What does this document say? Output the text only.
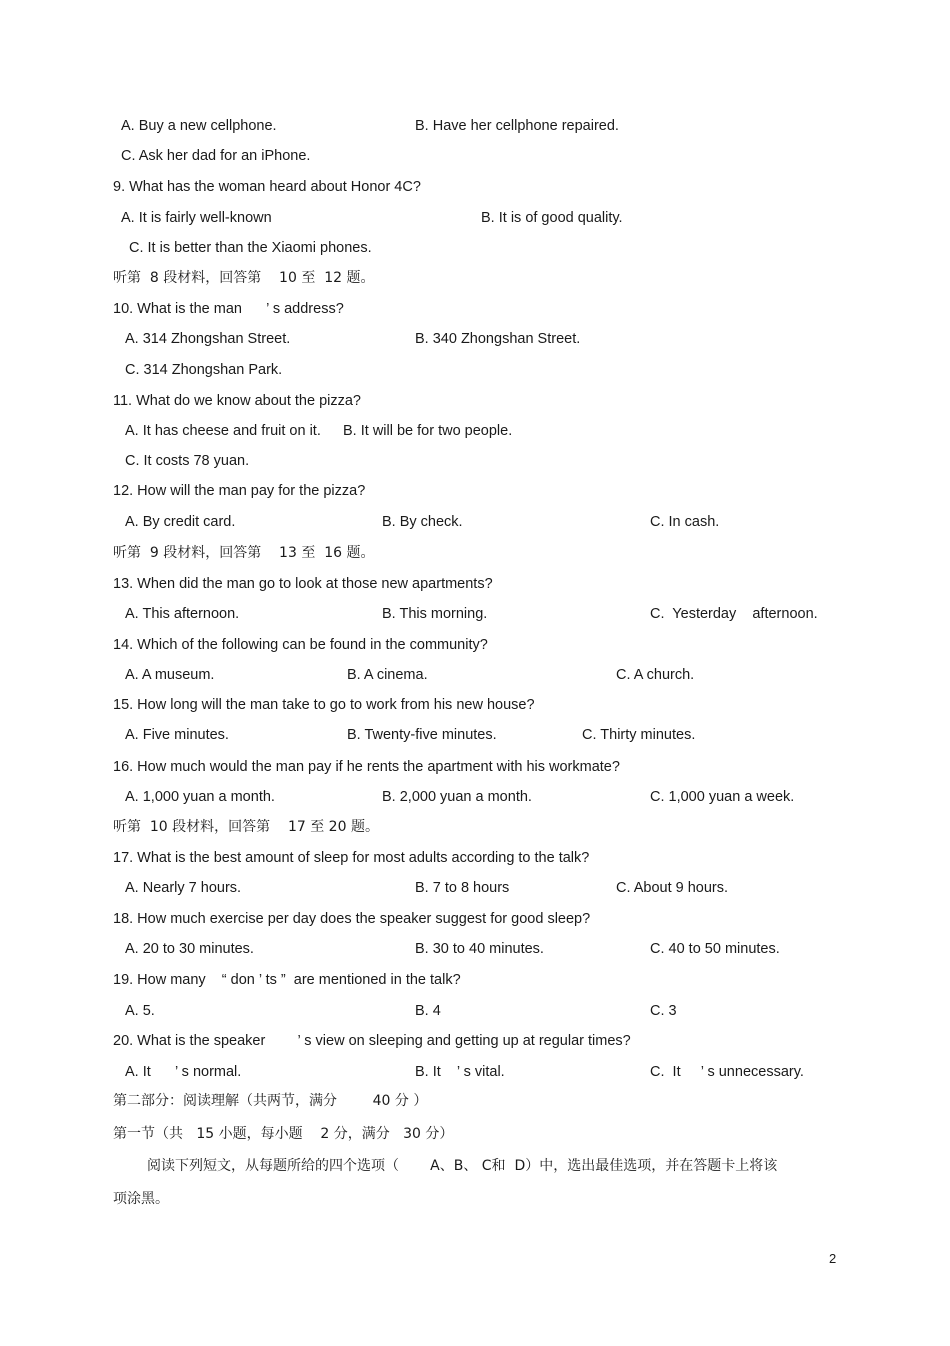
A. Buy a new cellphone.	B. Have her cellphone repaired.
C. Ask her dad for an iPhone.
9. What has the woman heard about Honor 4C?
A. It is fairly well-known	B. It is of good quality.
C. It is better than the Xiaomi phones.
听第  8 段材料，回答第    10 至  12 题。
10. What is the man      ’ s address?
A. 314 Zhongshan Street.	B. 340 Zhongshan Street.
C. 314 Zhongshan Park.
11. What do we know about the pizza?
A. It has cheese and fruit on it. B. It will be for two people.
C. It costs 78 yuan.
12. How will the man pay for the pizza?
A. By credit card.	B. By check.	C. In cash.
听第  9 段材料，回答第    13 至  16 题。
13. When did the man go to look at those new apartments?
A. This afternoon.	B. This morning.	C.  Yesterday    afternoon.
14. Which of the following can be found in the community?
A. A museum.	B. A cinema.	C. A church.
15. How long will the man take to go to work from his new house?
A. Five minutes.	B. Twenty-five minutes.	C. Thirty minutes.
16. How much would the man pay if he rents the apartment with his workmate?
A. 1,000 yuan a month.	B. 2,000 yuan a month.	C. 1,000 yuan a week.
听第  10 段材料，回答第    17 至 20 题。
17. What is the best amount of sleep for most adults according to the talk?
A. Nearly 7 hours.	B. 7 to 8 hours	C. About 9 hours.
18. How much exercise per day does the speaker suggest for good sleep?
A. 20 to 30 minutes.	B. 30 to 40 minutes.	C. 40 to 50 minutes.
19. How many    “ don ’ ts ”  are mentioned in the talk?
A. 5.	B. 4	C. 3
20. What is the speaker        ’ s view on sleeping and getting up at regular times?
A. It      ’ s normal.	B. It    ’ s vital.	C.  It     ’ s unnecessary.
第二部分：阅读理解（共两节，满分        40 分 ）
第一节（共   15 小题，每小题    2 分，满分   30 分）
阅读下列短文，从每题所给的四个选项（       A、B、 C和  D）中，选出最佳选项，并在答题卡上将该
项涂黑。
2
